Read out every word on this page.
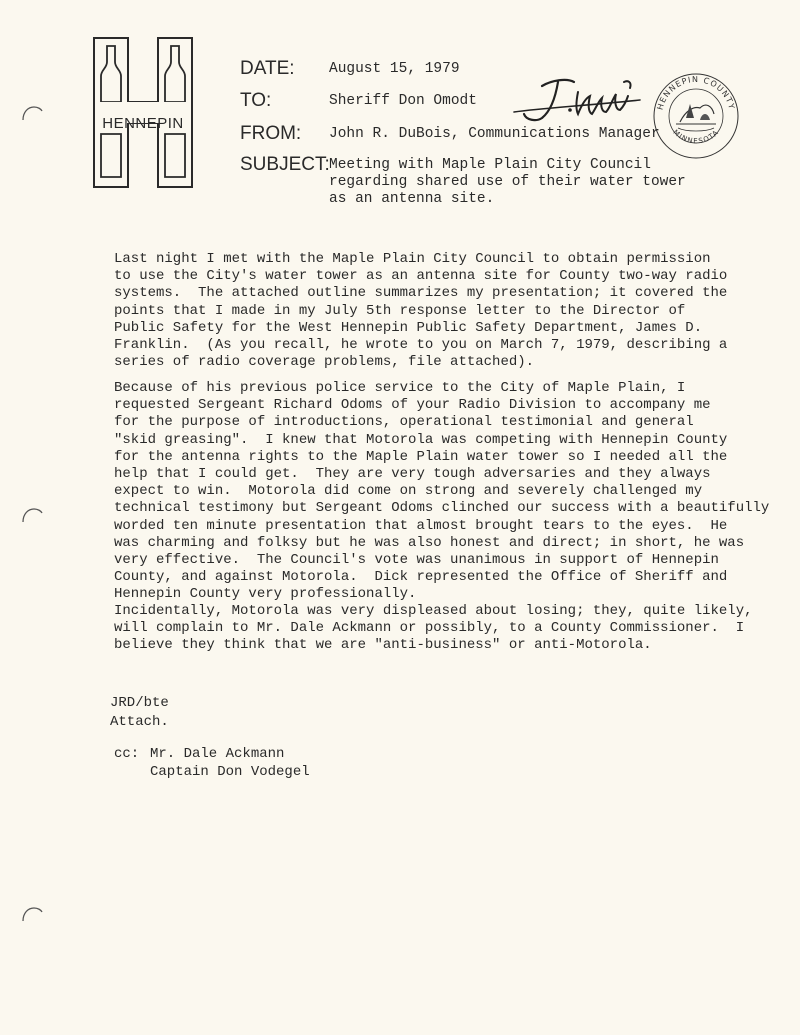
HENNEPIN
DATE: August 15, 1979
TO:	Sheriff Don Omodt
FROM: John R. DuBois, Communications Manager
SUBJECT: Meeting with Maple Plain City Council
regarding shared use of their water tower
as an antenna site.
HENNEPIN COUNTY
MINNESOTA
Last night I met with the Maple Plain City Council to obtain permission
to use the City's water tower as an antenna site for County two-way radio
systems.  The attached outline summarizes my presentation; it covered the
points that I made in my July 5th response letter to the Director of
Public Safety for the West Hennepin Public Safety Department, James D.
Franklin.  (As you recall, he wrote to you on March 7, 1979, describing a
series of radio coverage problems, file attached).
Because of his previous police service to the City of Maple Plain, I
requested Sergeant Richard Odoms of your Radio Division to accompany me
for the purpose of introductions, operational testimonial and general
"skid greasing".  I knew that Motorola was competing with Hennepin County
for the antenna rights to the Maple Plain water tower so I needed all the
help that I could get.  They are very tough adversaries and they always
expect to win.  Motorola did come on strong and severely challenged my
technical testimony but Sergeant Odoms clinched our success with a beautifully
worded ten minute presentation that almost brought tears to the eyes.  He
was charming and folksy but he was also honest and direct; in short, he was
very effective.  The Council's vote was unanimous in support of Hennepin
County, and against Motorola.  Dick represented the Office of Sheriff and
Hennepin County very professionally.
Incidentally, Motorola was very displeased about losing; they, quite likely,
will complain to Mr. Dale Ackmann or possibly, to a County Commissioner.  I
believe they think that we are "anti-business" or anti-Motorola.
JRD/bte
Attach.
cc: Mr. Dale Ackmann
Captain Don Vodegel
